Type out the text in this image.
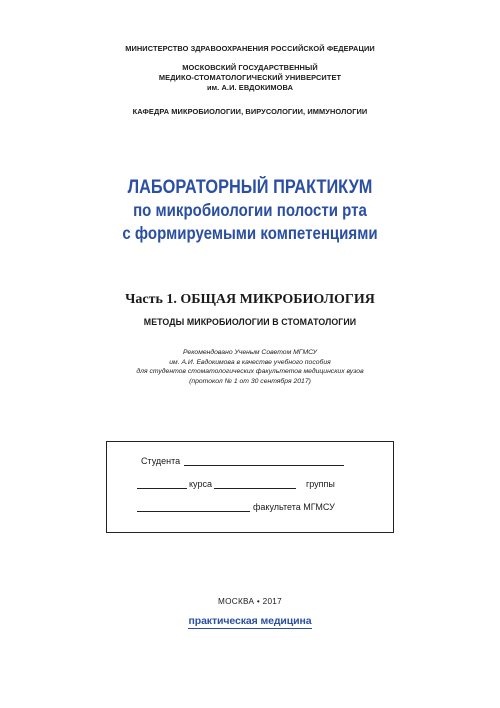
МИНИСТЕРСТВО ЗДРАВООХРАНЕНИЯ РОССИЙСКОЙ ФЕДЕРАЦИИ
МОСКОВСКИЙ ГОСУДАРСТВЕННЫЙ
МЕДИКО-СТОМАТОЛОГИЧЕСКИЙ УНИВЕРСИТЕТ
им. А.И. ЕВДОКИМОВА
КАФЕДРА МИКРОБИОЛОГИИ, ВИРУСОЛОГИИ, ИММУНОЛОГИИ
ЛАБОРАТОРНЫЙ ПРАКТИКУМ
по микробиологии полости рта
с формируемыми компетенциями
Часть 1. ОБЩАЯ МИКРОБИОЛОГИЯ
МЕТОДЫ МИКРОБИОЛОГИИ В СТОМАТОЛОГИИ
Рекомендовано Ученым Советом МГМСУ
им. А.И. Евдокимова в качестве учебного пособия
для студентов стоматологических факультетов медицинских вузов
(протокол № 1 от 30 сентября 2017)
Студента
курса	группы
факультета МГМСУ
МОСКВА • 2017
практическая медицина
